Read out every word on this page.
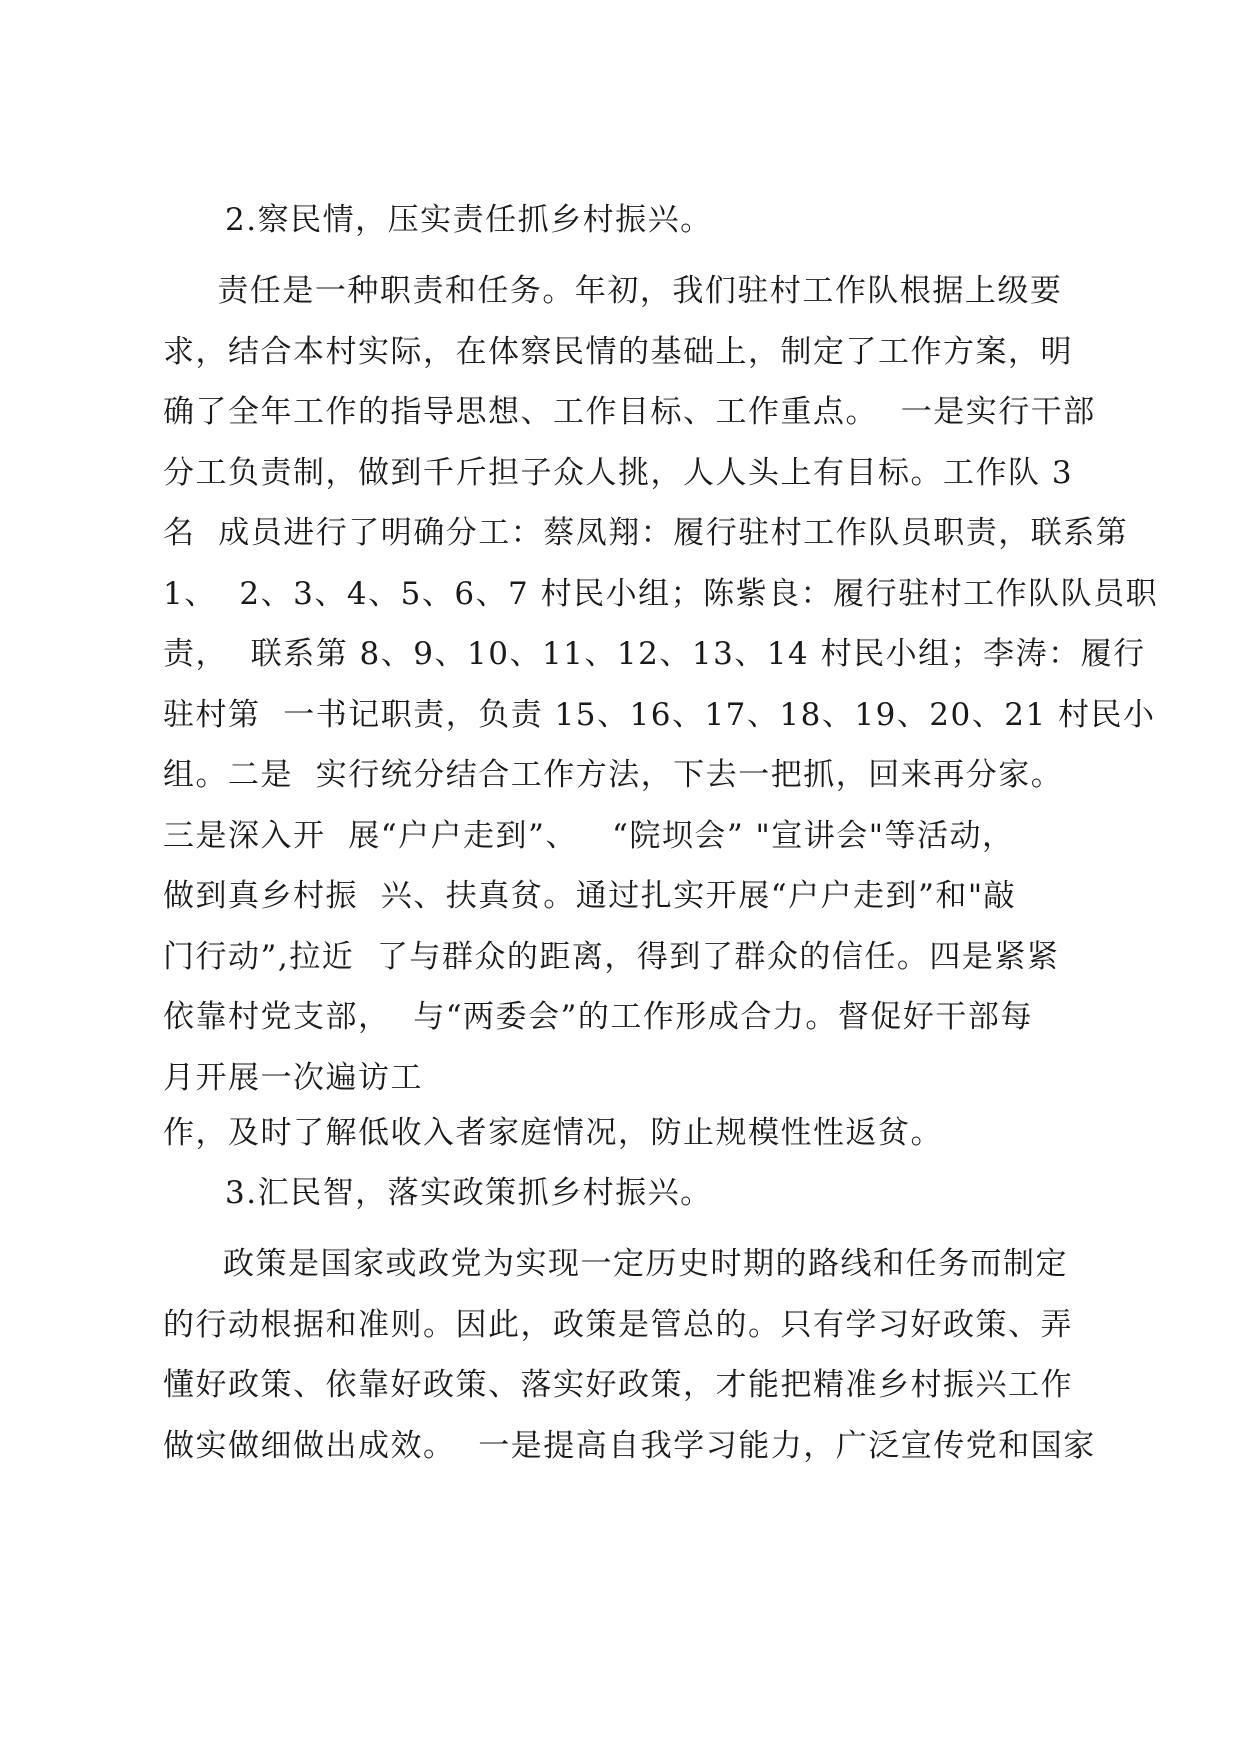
2.察民情，压实责任抓乡村振兴。
责任是一种职责和任务。年初，我们驻村工作队根据上级要
求，结合本村实际，在体察民情的基础上，制定了工作方案，明
确了全年工作的指导思想、工作目标、工作重点。  一是实行干部
分工负责制，做到千斤担子众人挑，人人头上有目标。工作队 3
名  成员进行了明确分工：蔡凤翔：履行驻村工作队员职责，联系第
1、  2、3、4、5、6、7 村民小组；陈紫良：履行驻村工作队队员职
责，  联系第 8、9、10、11、12、13、14 村民小组；李涛：履行
驻村第  一书记职责，负责 15、16、17、18、19、20、21 村民小
组。二是  实行统分结合工作方法，下去一把抓，回来再分家。
三是深入开  展“户户走到”、   “院坝会” "宣讲会"等活动，
做到真乡村振  兴、扶真贫。通过扎实开展“户户走到”和"敲
门行动”,拉近  了与群众的距离，得到了群众的信任。四是紧紧
依靠村党支部，  与“两委会”的工作形成合力。督促好干部每
月开展一次遍访工
作，及时了解低收入者家庭情况，防止规模性性返贫。
3.汇民智，落实政策抓乡村振兴。
政策是国家或政党为实现一定历史时期的路线和任务而制定
的行动根据和准则。因此，政策是管总的。只有学习好政策、弄
懂好政策、依靠好政策、落实好政策，才能把精准乡村振兴工作
做实做细做出成效。  一是提高自我学习能力，广泛宣传党和国家
